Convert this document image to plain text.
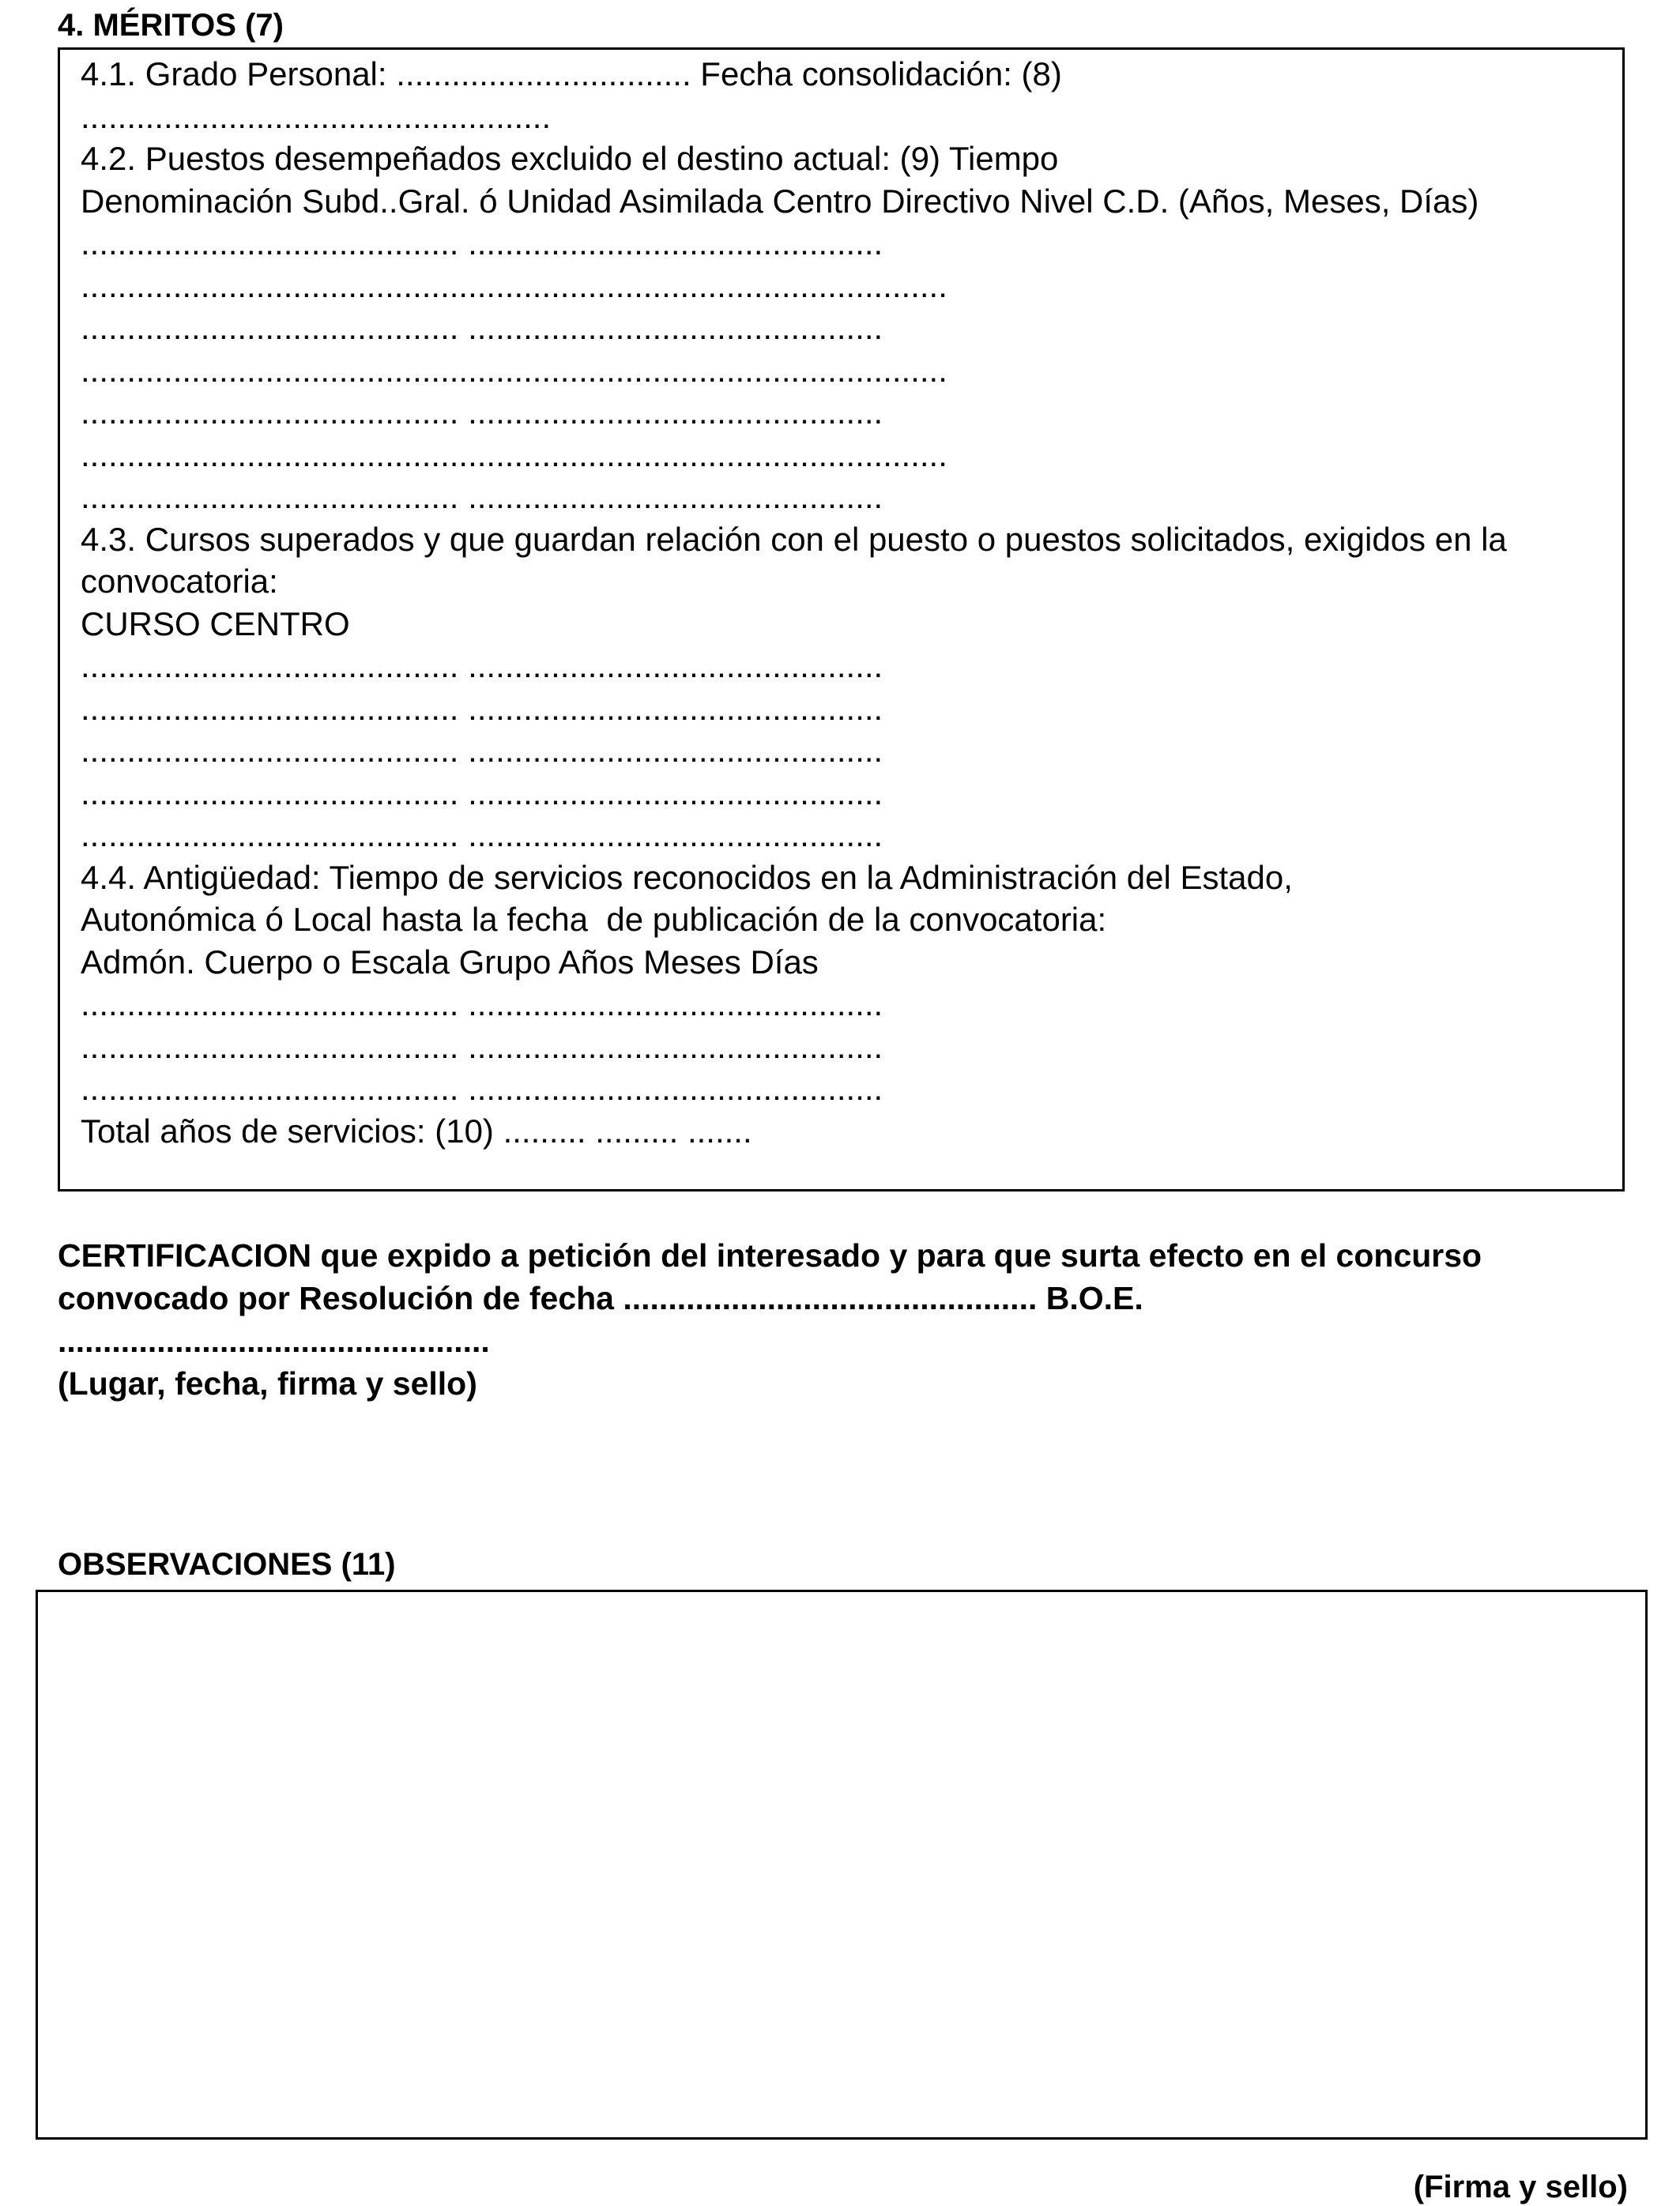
4. MÉRITOS (7)
4.1. Grado Personal: ................................ Fecha consolidación: (8)
...................................................
4.2. Puestos desempeñados excluido el destino actual: (9) Tiempo
Denominación Subd..Gral. ó Unidad Asimilada Centro Directivo Nivel C.D. (Años, Meses, Días)
......................................... .............................................
..............................................................................................
......................................... .............................................
..............................................................................................
......................................... .............................................
..............................................................................................
......................................... .............................................
4.3. Cursos superados y que guardan relación con el puesto o puestos solicitados, exigidos en la convocatoria:
CURSO CENTRO
......................................... .............................................
......................................... .............................................
......................................... .............................................
......................................... .............................................
......................................... .............................................
4.4. Antigüedad: Tiempo de servicios reconocidos en la Administración del Estado,
Autonómica ó Local hasta la fecha  de publicación de la convocatoria:
Admón. Cuerpo o Escala Grupo Años Meses Días
......................................... .............................................
......................................... .............................................
......................................... .............................................
Total años de servicios: (10) ......... ......... .......
CERTIFICACION que expido a petición del interesado y para que surta efecto en el concurso convocado por Resolución de fecha .............................................. B.O.E.
................................................
(Lugar, fecha, firma y sello)
OBSERVACIONES (11)
(Firma y sello)
